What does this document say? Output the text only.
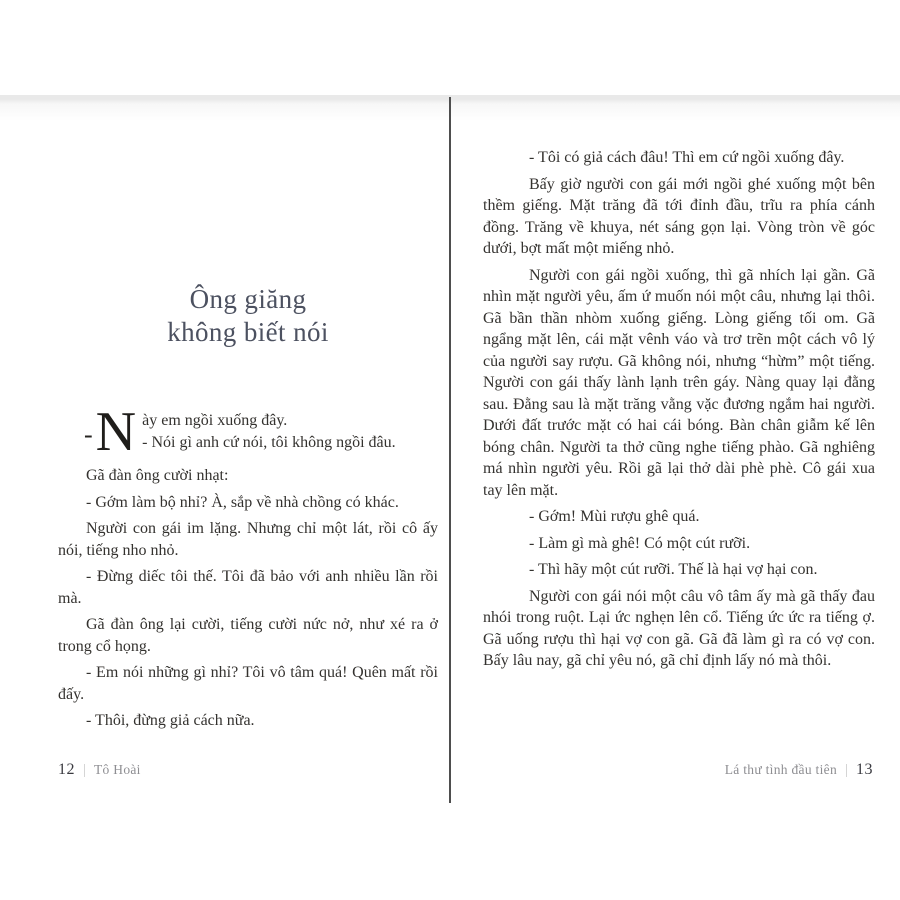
Ông giăng
không biết nói
- N ày em ngồi xuống đây.
- Nói gì anh cứ nói, tôi không ngồi đâu.

Gã đàn ông cười nhạt:

- Gớm làm bộ nhỉ? À, sắp về nhà chồng có khác.

Người con gái im lặng. Nhưng chỉ một lát, rồi cô ấy nói, tiếng nho nhỏ.

- Đừng diếc tôi thế. Tôi đã bảo với anh nhiều lần rồi mà.

Gã đàn ông lại cười, tiếng cười nức nở, như xé ra ở trong cổ họng.

- Em nói những gì nhỉ? Tôi vô tâm quá! Quên mất rồi đấy.

- Thôi, đừng giả cách nữa.

12 Tô Hoài

- Tôi có giả cách đâu! Thì em cứ ngồi xuống đây.

Bấy giờ người con gái mới ngồi ghé xuống một bên thềm giếng. Mặt trăng đã tới đỉnh đầu, trĩu ra phía cánh đồng. Trăng về khuya, nét sáng gọn lại. Vòng tròn về góc dưới, bợt mất một miếng nhỏ.

Người con gái ngồi xuống, thì gã nhích lại gần. Gã nhìn mặt người yêu, ấm ứ muốn nói một câu, nhưng lại thôi. Gã bần thần nhòm xuống giếng. Lòng giếng tối om. Gã ngẩng mặt lên, cái mặt vênh váo và trơ trẽn một cách vô lý của người say rượu. Gã không nói, nhưng “hừm” một tiếng. Người con gái thấy lành lạnh trên gáy. Nàng quay lại đằng sau. Đằng sau là mặt trăng vằng vặc đương ngắm hai người. Dưới đất trước mặt có hai cái bóng. Bàn chân giẫm kế lên bóng chân. Người ta thở cũng nghe tiếng phào. Gã nghiêng má nhìn người yêu. Rồi gã lại thở dài phè phè. Cô gái xua tay lên mặt.

- Gớm! Mùi rượu ghê quá.

- Làm gì mà ghê! Có một cút rưỡi.

- Thì hãy một cút rưỡi. Thế là hại vợ hại con.

Người con gái nói một câu vô tâm ấy mà gã thấy đau nhói trong ruột. Lại ức nghẹn lên cổ. Tiếng ức ức ra tiếng ợ. Gã uống rượu thì hại vợ con gã. Gã đã làm gì ra có vợ con. Bấy lâu nay, gã chỉ yêu nó, gã chỉ định lấy nó mà thôi.

Lá thư tình đầu tiên 13
